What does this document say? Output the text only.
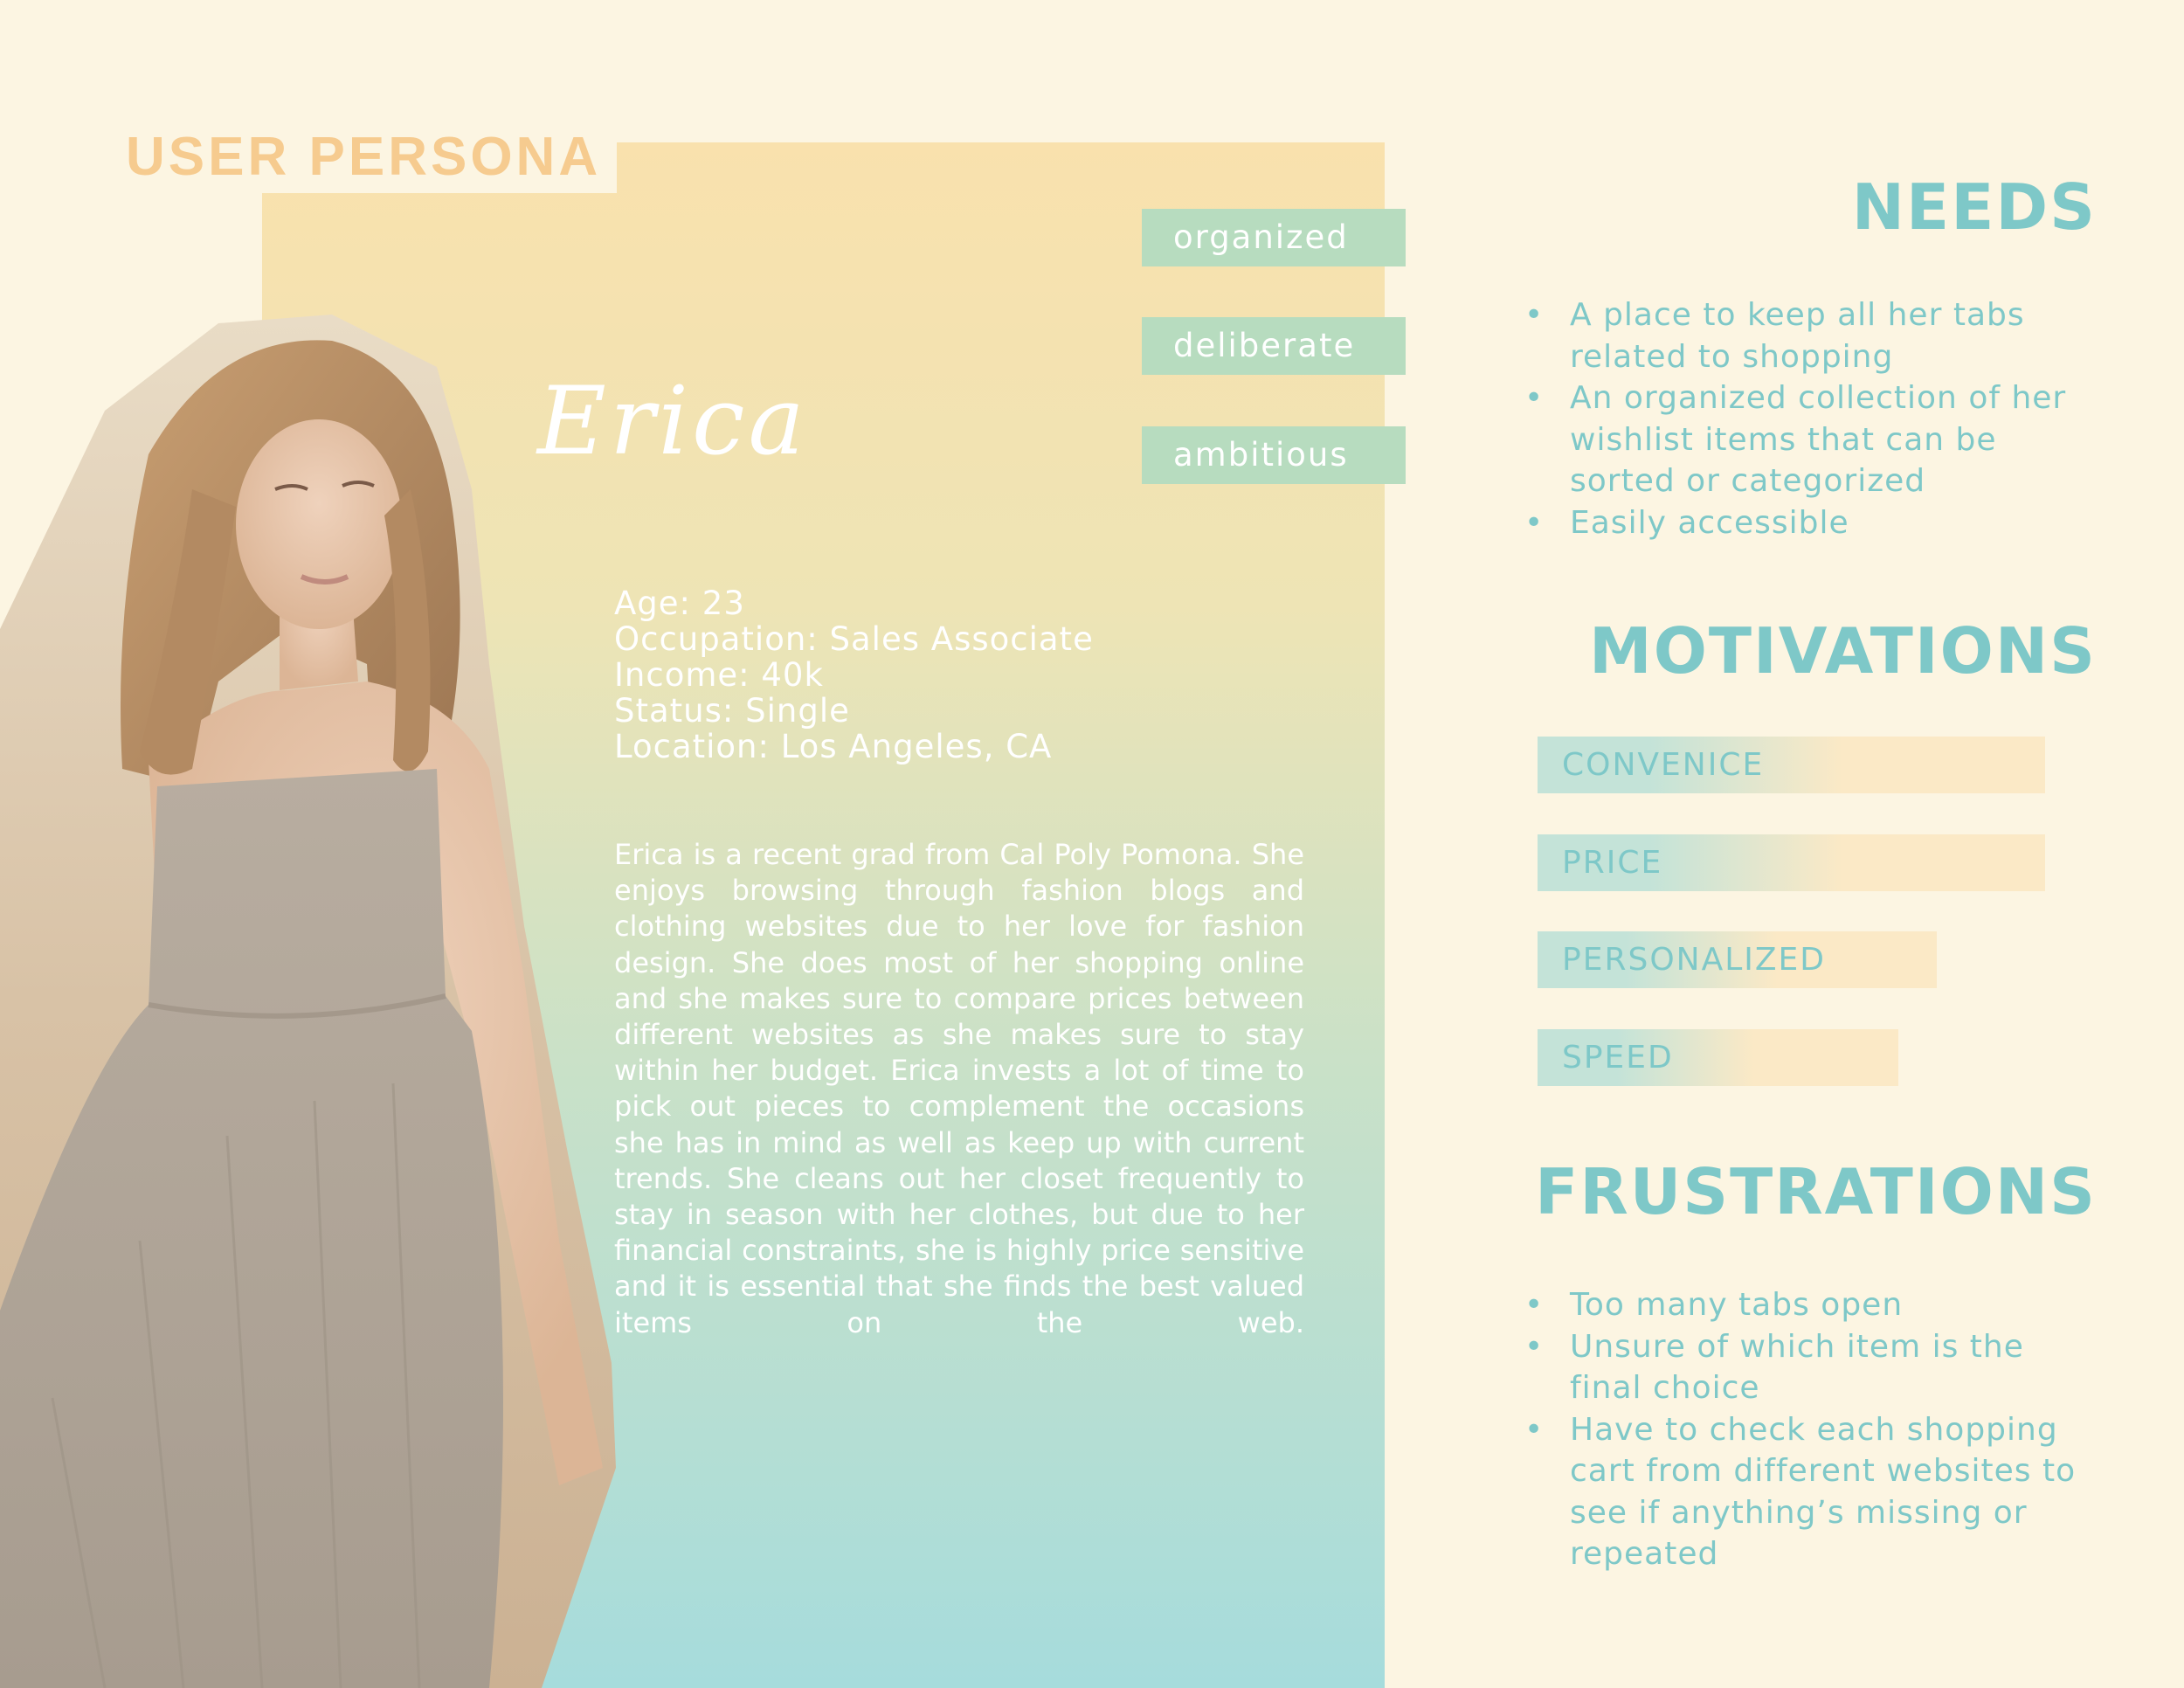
USER PERSONA
organized
deliberate
ambitious
Erica
Age: 23
Occupation: Sales Associate
Income: 40k
Status: Single
Location: Los Angeles, CA
Erica is a recent grad from Cal Poly Pomona. She enjoys browsing through fashion blogs and clothing websites due to her love for fashion design. She does most of her shopping online and she makes sure to compare prices between different websites as she makes sure to stay within her budget. Erica invests a lot of time to pick out pieces to complement the occasions she has in mind as well as keep up with current trends. She cleans out her closet frequently to stay in season with her clothes, but due to her financial constraints, she is highly price sensitive and it is essential that she finds the best valued items on the web.
NEEDS
• A place to keep all her tabs related to shopping
• An organized collection of her wishlist items that can be sorted or categorized
• Easily accessible
MOTIVATIONS
CONVENICE
PRICE
PERSONALIZED
SPEED
FRUSTRATIONS
• Too many tabs open
• Unsure of which item is the final choice
• Have to check each shopping cart from different websites to see if anything’s missing or repeated
